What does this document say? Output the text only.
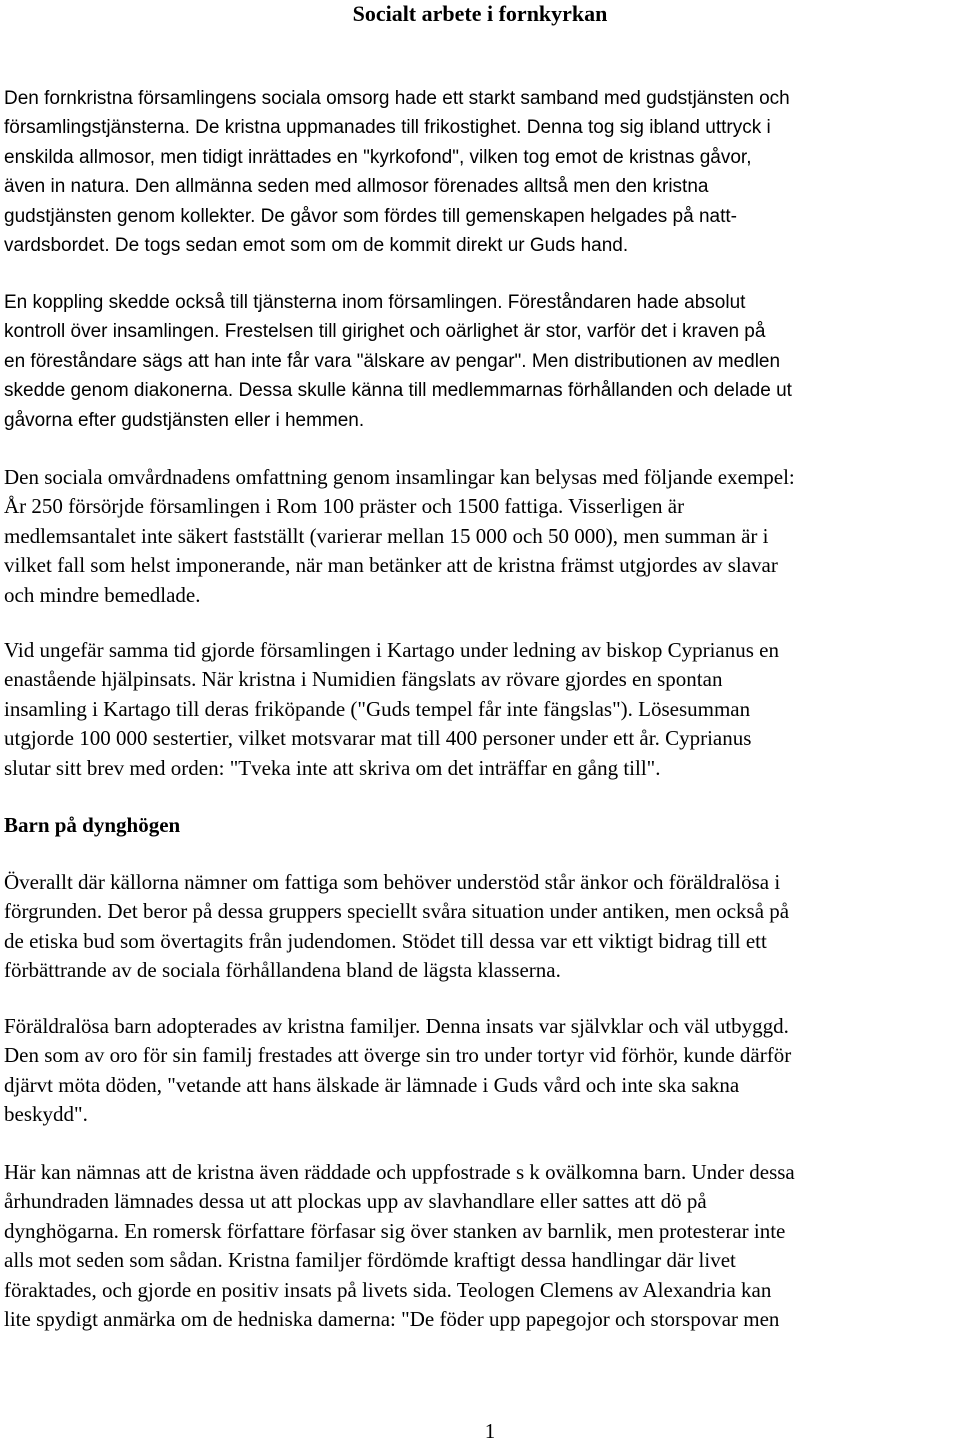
Socialt arbete i fornkyrkan
Den fornkristna församlingens sociala omsorg hade ett starkt samband med gudstjänsten och
församlingstjänsterna. De kristna uppmanades till frikostighet. Denna tog sig ibland uttryck i
enskilda allmosor, men tidigt inrättades en "kyrkofond", vilken tog emot de kristnas gåvor,
även in natura. Den allmänna seden med allmosor förenades alltså men den kristna
gudstjänsten genom kollekter. De gåvor som fördes till gemenskapen helgades på natt-
vardsbordet. De togs sedan emot som om de kommit direkt ur Guds hand.
En koppling skedde också till tjänsterna inom församlingen. Föreståndaren hade absolut
kontroll över insamlingen. Frestelsen till girighet och oärlighet är stor, varför det i kraven på
en föreståndare sägs att han inte får vara "älskare av pengar". Men distributionen av medlen
skedde genom diakonerna. Dessa skulle känna till medlemmarnas förhållanden och delade ut
gåvorna efter gudstjänsten eller i hemmen.
Den sociala omvårdnadens omfattning genom insamlingar kan belysas med följande exempel:
År 250 försörjde församlingen i Rom 100 präster och 1500 fattiga. Visserligen är
medlemsantalet inte säkert fastställt (varierar mellan 15 000 och 50 000), men summan är i
vilket fall som helst imponerande, när man betänker att de kristna främst utgjordes av slavar
och mindre bemedlade.
Vid ungefär samma tid gjorde församlingen i Kartago under ledning av biskop Cyprianus en
enastående hjälpinsats. När kristna i Numidien fängslats av rövare gjordes en spontan
insamling i Kartago till deras friköpande ("Guds tempel får inte fängslas"). Lösesumman
utgjorde 100 000 sestertier, vilket motsvarar mat till 400 personer under ett år. Cyprianus
slutar sitt brev med orden: "Tveka inte att skriva om det inträffar en gång till".
Barn på dynghögen
Överallt där källorna nämner om fattiga som behöver understöd står änkor och föräldralösa i
förgrunden. Det beror på dessa gruppers speciellt svåra situation under antiken, men också på
de etiska bud som övertagits från judendomen. Stödet till dessa var ett viktigt bidrag till ett
förbättrande av de sociala förhållandena bland de lägsta klasserna.
Föräldralösa barn adopterades av kristna familjer. Denna insats var självklar och väl utbyggd.
Den som av oro för sin familj frestades att överge sin tro under tortyr vid förhör, kunde därför
djärvt möta döden, "vetande att hans älskade är lämnade i Guds vård och inte ska sakna
beskydd".
Här kan nämnas att de kristna även räddade och uppfostrade s k ovälkomna barn. Under dessa
århundraden lämnades dessa ut att plockas upp av slavhandlare eller sattes att dö på
dynghögarna. En romersk författare förfasar sig över stanken av barnlik, men protesterar inte
alls mot seden som sådan. Kristna familjer fördömde kraftigt dessa handlingar där livet
föraktades, och gjorde en positiv insats på livets sida. Teologen Clemens av Alexandria kan
lite spydigt anmärka om de hedniska damerna: "De föder upp papegojor och storspovar men
1
